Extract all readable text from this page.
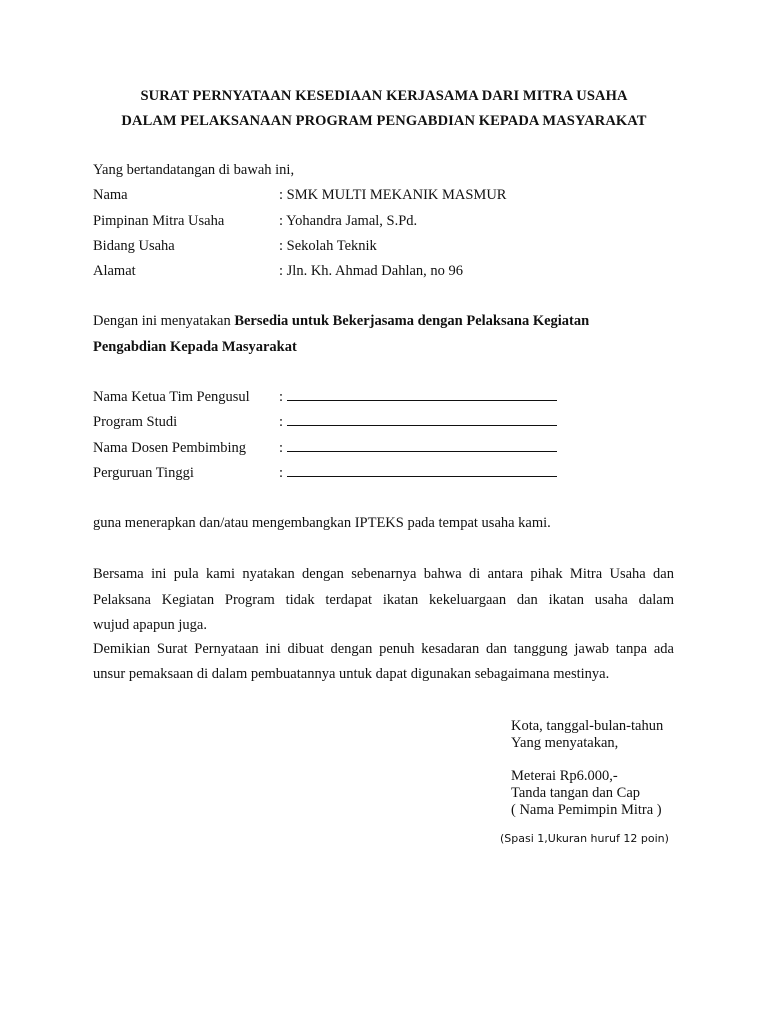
SURAT PERNYATAAN KESEDIAAN KERJASAMA DARI MITRA USAHA
DALAM PELAKSANAAN PROGRAM PENGABDIAN KEPADA MASYARAKAT
Yang bertandatangan di bawah ini,
Nama	: SMK MULTI MEKANIK MASMUR
Pimpinan Mitra Usaha	: Yohandra Jamal, S.Pd.
Bidang Usaha	: Sekolah Teknik
Alamat	: Jln. Kh. Ahmad Dahlan, no 96
Dengan ini menyatakan Bersedia untuk Bekerjasama dengan Pelaksana Kegiatan
Pengabdian Kepada Masyarakat
Nama Ketua Tim Pengusul :
Program Studi	:
Nama Dosen Pembimbing :
Perguruan Tinggi	:
guna menerapkan dan/atau mengembangkan IPTEKS pada tempat usaha kami.
Bersama ini pula kami nyatakan dengan sebenarnya bahwa di antara pihak Mitra Usaha dan
Pelaksana Kegiatan Program tidak terdapat ikatan kekeluargaan dan ikatan usaha dalam
wujud apapun juga.
Demikian Surat Pernyataan ini dibuat dengan penuh kesadaran dan tanggung jawab tanpa ada
unsur pemaksaan di dalam pembuatannya untuk dapat digunakan sebagaimana mestinya.
Kota, tanggal-bulan-tahun
Yang menyatakan,
Meterai Rp6.000,-
Tanda tangan dan Cap
( Nama Pemimpin Mitra )
(Spasi 1,Ukuran huruf 12 poin)
